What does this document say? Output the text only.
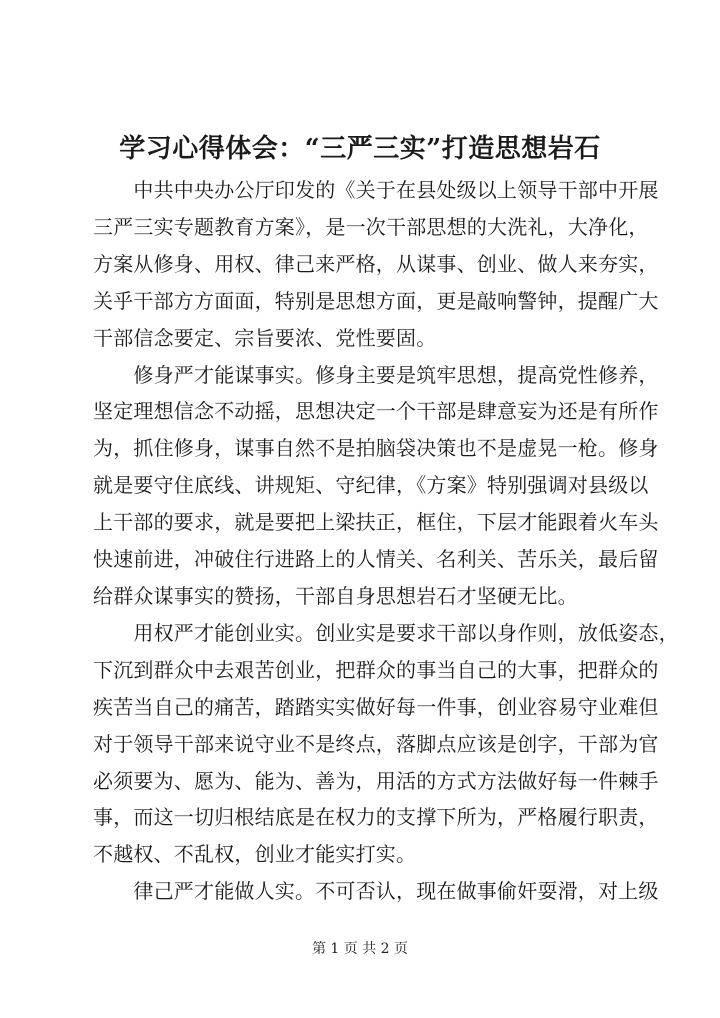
学习心得体会：“三严三实”打造思想岩石

　　中共中央办公厅印发的《关于在县处级以上领导干部中开展
三严三实专题教育方案》，是一次干部思想的大洗礼，大净化，
方案从修身、用权、律己来严格，从谋事、创业、做人来夯实，
关乎干部方方面面，特别是思想方面，更是敲响警钟，提醒广大
干部信念要定、宗旨要浓、党性要固。

　　修身严才能谋事实。修身主要是筑牢思想，提高党性修养，
坚定理想信念不动摇，思想决定一个干部是肆意妄为还是有所作
为，抓住修身，谋事自然不是拍脑袋决策也不是虚晃一枪。修身
就是要守住底线、讲规矩、守纪律，《方案》特别强调对县级以
上干部的要求，就是要把上梁扶正，框住，下层才能跟着火车头
快速前进，冲破住行进路上的人情关、名利关、苦乐关，最后留
给群众谋事实的赞扬，干部自身思想岩石才坚硬无比。

　　用权严才能创业实。创业实是要求干部以身作则，放低姿态，
下沉到群众中去艰苦创业，把群众的事当自己的大事，把群众的
疾苦当自己的痛苦，踏踏实实做好每一件事，创业容易守业难但
对于领导干部来说守业不是终点，落脚点应该是创字，干部为官
必须要为、愿为、能为、善为，用活的方式方法做好每一件棘手
事，而这一切归根结底是在权力的支撑下所为，严格履行职责，
不越权、不乱权，创业才能实打实。

　　律己严才能做人实。不可否认，现在做事偷奸耍滑，对上级

第 1 页 共 2 页
